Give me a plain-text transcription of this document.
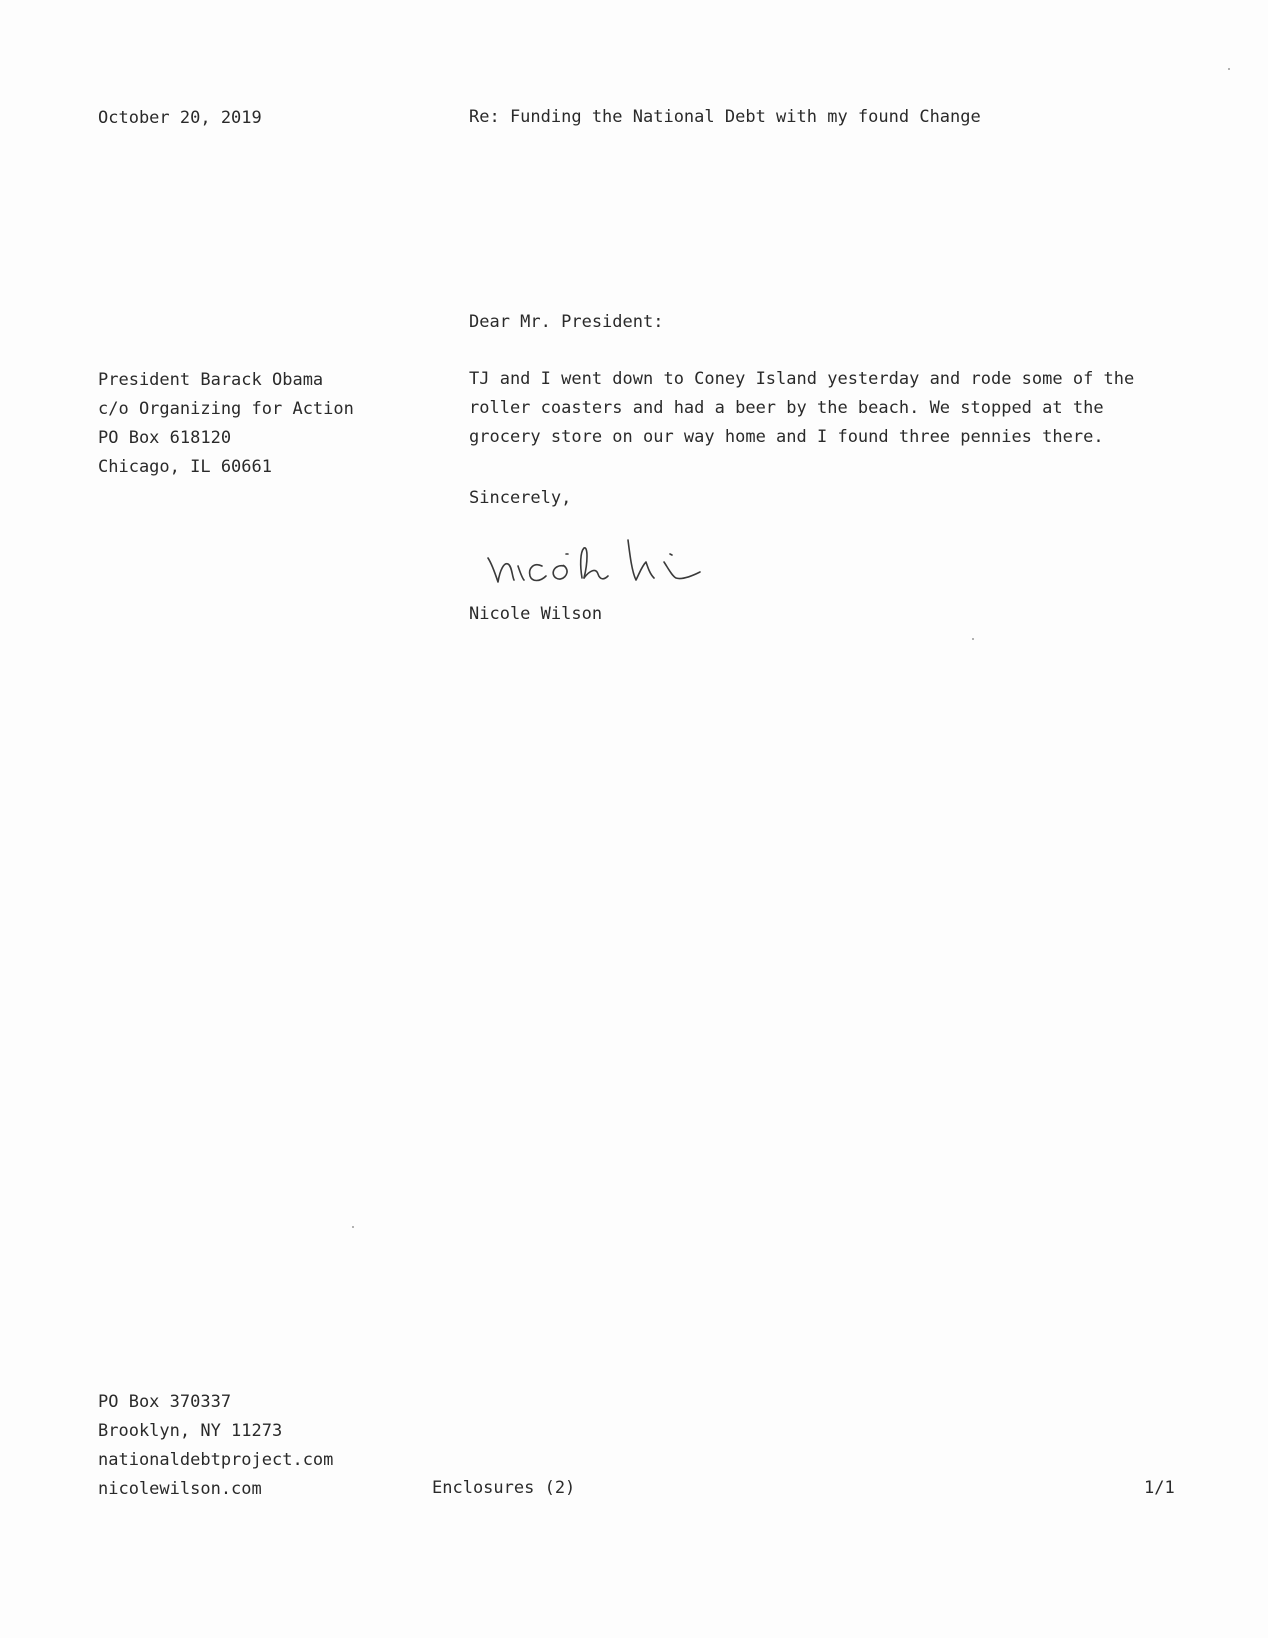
October 20, 2019	Re: Funding the National Debt with my found Change
Dear Mr. President:
President Barack Obama
c/o Organizing for Action
PO Box 618120
Chicago, IL 60661
TJ and I went down to Coney Island yesterday and rode some of the
roller coasters and had a beer by the beach. We stopped at the
grocery store on our way home and I found three pennies there.
Sincerely,
Nicole Wilson
PO Box 370337
Brooklyn, NY 11273
nationaldebtproject.com
nicolewilson.com	Enclosures (2)	1/1
